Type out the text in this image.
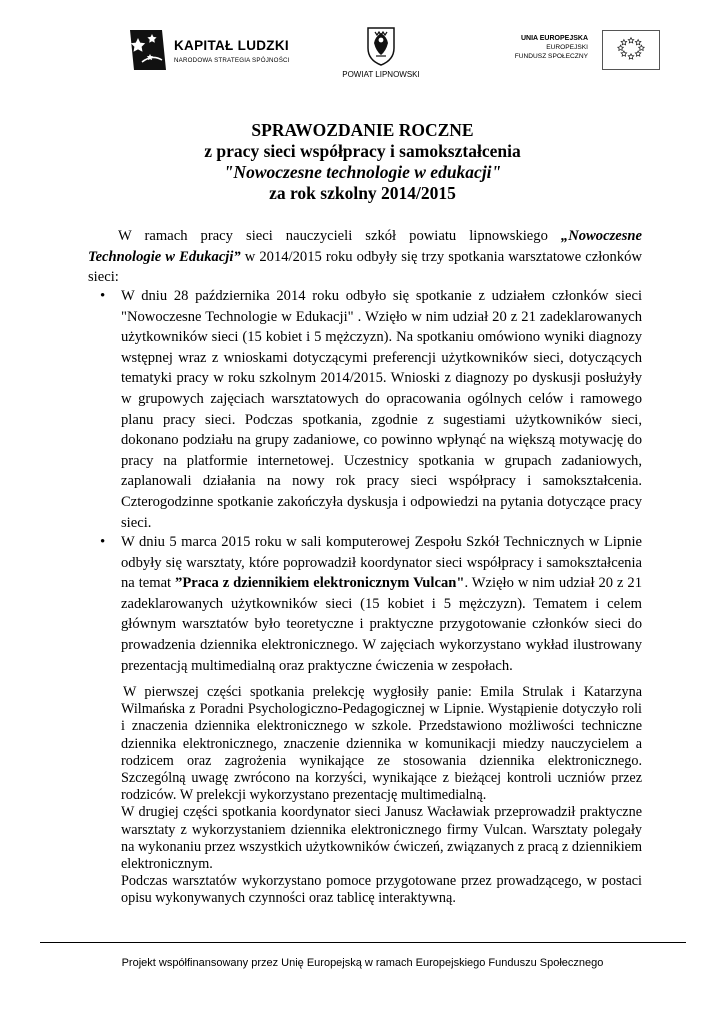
KAPITAŁ LUDZKI
NARODOWA STRATEGIA SPÓJNOŚCI
POWIAT LIPNOWSKI
UNIA EUROPEJSKA
EUROPEJSKI
FUNDUSZ SPOŁECZNY
SPRAWOZDANIE ROCZNE
z pracy sieci współpracy i samokształcenia
"Nowoczesne technologie w edukacji"
za rok szkolny 2014/2015
W ramach pracy sieci nauczycieli szkół powiatu lipnowskiego „Nowoczesne Technologie w Edukacji” w 2014/2015 roku odbyły się trzy spotkania warsztatowe członków sieci:
• W dniu 28 października 2014 roku odbyło się spotkanie z udziałem członków sieci "Nowoczesne Technologie w Edukacji" . Wzięło w nim udział 20 z 21 zadeklarowanych użytkowników sieci (15 kobiet i 5 mężczyzn). Na spotkaniu omówiono wyniki diagnozy wstępnej wraz z wnioskami dotyczącymi preferencji użytkowników sieci, dotyczących tematyki pracy w roku szkolnym 2014/2015. Wnioski z diagnozy po dyskusji posłużyły w grupowych zajęciach warsztatowych do opracowania ogólnych celów i ramowego planu pracy sieci. Podczas spotkania, zgodnie z sugestiami użytkowników sieci, dokonano podziału na grupy zadaniowe, co powinno wpłynąć na większą motywację do pracy na platformie internetowej. Uczestnicy spotkania w grupach zadaniowych, zaplanowali działania na nowy rok pracy sieci współpracy i samokształcenia. Czterogodzinne spotkanie zakończyła dyskusja i odpowiedzi na pytania dotyczące pracy sieci.
• W dniu 5 marca 2015 roku w sali komputerowej Zespołu Szkół Technicznych w Lipnie odbyły się warsztaty, które poprowadził koordynator sieci współpracy i samokształcenia na temat ”Praca z dziennikiem elektronicznym Vulcan". Wzięło w nim udział 20 z 21 zadeklarowanych użytkowników sieci (15 kobiet i 5 mężczyzn). Tematem i celem głównym warsztatów było teoretyczne i praktyczne przygotowanie członków sieci do prowadzenia dziennika elektronicznego. W zajęciach wykorzystano wykład ilustrowany prezentacją multimedialną oraz praktyczne ćwiczenia w zespołach.
W pierwszej części spotkania prelekcję wygłosiły panie: Emila Strulak i Katarzyna Wilmańska z Poradni Psychologiczno-Pedagogicznej w Lipnie. Wystąpienie dotyczyło roli i znaczenia dziennika elektronicznego w szkole. Przedstawiono możliwości techniczne dziennika elektronicznego, znaczenie dziennika w komunikacji miedzy nauczycielem a rodzicem oraz zagrożenia wynikające ze stosowania dziennika elektronicznego. Szczególną uwagę zwrócono na korzyści, wynikające z bieżącej kontroli uczniów przez rodziców. W prelekcji wykorzystano prezentację multimedialną.
W drugiej części spotkania koordynator sieci Janusz Wacławiak przeprowadził praktyczne warsztaty z wykorzystaniem dziennika elektronicznego firmy Vulcan. Warsztaty polegały na wykonaniu przez wszystkich użytkowników ćwiczeń, związanych z pracą z dziennikiem elektronicznym.
Podczas warsztatów wykorzystano pomoce przygotowane przez prowadzącego, w postaci opisu wykonywanych czynności oraz tablicę interaktywną.
Projekt współfinansowany przez Unię Europejską w ramach Europejskiego Funduszu Społecznego
